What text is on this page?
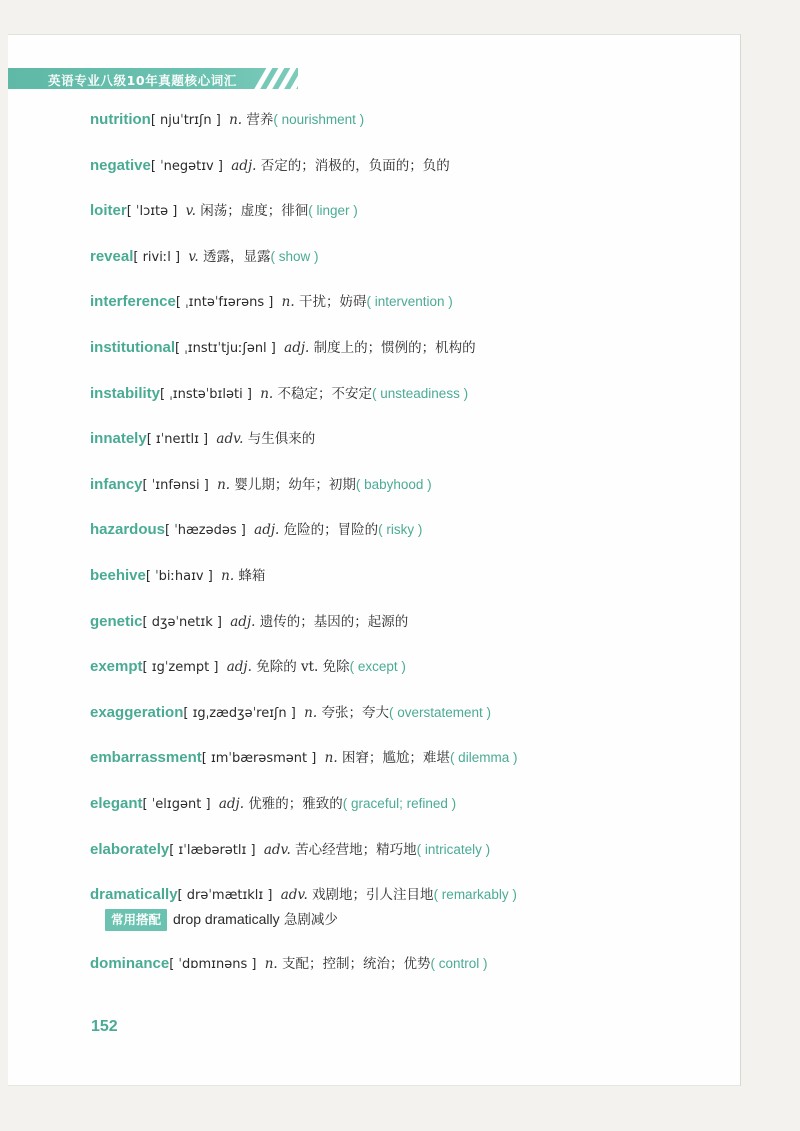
英语专业八级10年真题核心词汇
nutrition[ njuˈtrɪʃn ] n. 营养( nourishment )
negative[ ˈnegətɪv ] adj. 否定的；消极的，负面的；负的
loiter[ ˈlɔɪtə ] v. 闲荡；虚度；徘徊( linger )
reveal[ riviːl ] v. 透露，显露( show )
interference[ ˌɪntəˈfɪərəns ] n. 干扰；妨碍( intervention )
institutional[ ˌɪnstɪˈtjuːʃənl ] adj. 制度上的；惯例的；机构的
instability[ ˌɪnstəˈbɪləti ] n. 不稳定；不安定( unsteadiness )
innately[ ɪˈneɪtlɪ ] adv. 与生俱来的
infancy[ ˈɪnfənsi ] n. 婴儿期；幼年；初期( babyhood )
hazardous[ ˈhæzədəs ] adj. 危险的；冒险的( risky )
beehive[ ˈbiːhaɪv ] n. 蜂箱
genetic[ dʒəˈnetɪk ] adj. 遗传的；基因的；起源的
exempt[ ɪgˈzempt ] adj. 免除的 vt. 免除( except )
exaggeration[ ɪgˌzædʒəˈreɪʃn ] n. 夸张；夸大( overstatement )
embarrassment[ ɪmˈbærəsmənt ] n. 困窘；尴尬；难堪( dilemma )
elegant[ ˈelɪgənt ] adj. 优雅的；雅致的( graceful; refined )
elaborately[ ɪˈlæbərətlɪ ] adv. 苦心经营地；精巧地( intricately )
dramatically[ drəˈmætɪklɪ ] adv. 戏剧地；引人注目地( remarkably )
常用搭配 drop dramatically 急剧减少
dominance[ ˈdɒmɪnəns ] n. 支配；控制；统治；优势( control )
152
